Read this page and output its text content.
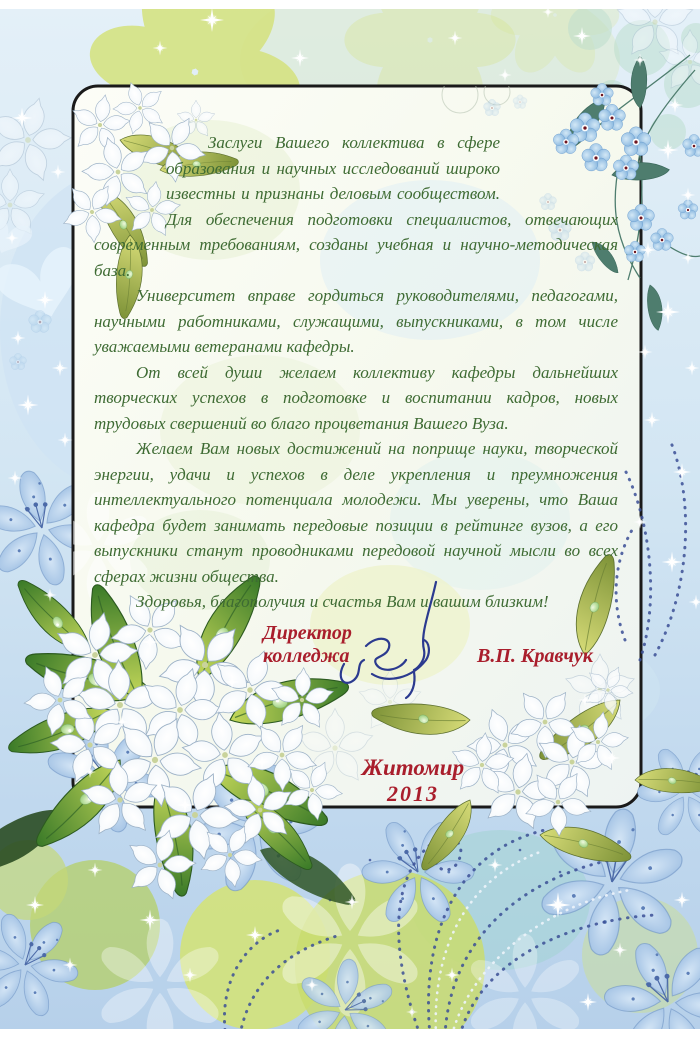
Заслуги Вашего коллектива в сфере образования и научных исследований широко известны и признаны деловым сообществом. Для обеспечения подготовки специалистов, отвечающих современным требованиям, созданы учебная и научно-методическая база.

Университет вправе гордиться руководителями, педагогами, научными работниками, служащими, выпускниками, в том числе уважаемыми ветеранами кафедры.

От всей души желаем коллективу кафедры дальнейших творческих успехов в подготовке и воспитании кадров, новых трудовых свершений во благо процветания Вашего Вуза.

Желаем Вам новых достижений на поприще науки, творческой энергии, удачи и успехов в деле укрепления и преумножения интеллектуального потенциала молодежи. Мы уверены, что Ваша кафедра будет занимать передовые позиции в рейтинге вузов, а его выпускники станут проводниками передовой научной мысли во всех сферах жизни общества.

Здоровья, благополучия и счастья Вам и вашим близким!

Директор колледжа	В.П. Кравчук
Житомир
2013
